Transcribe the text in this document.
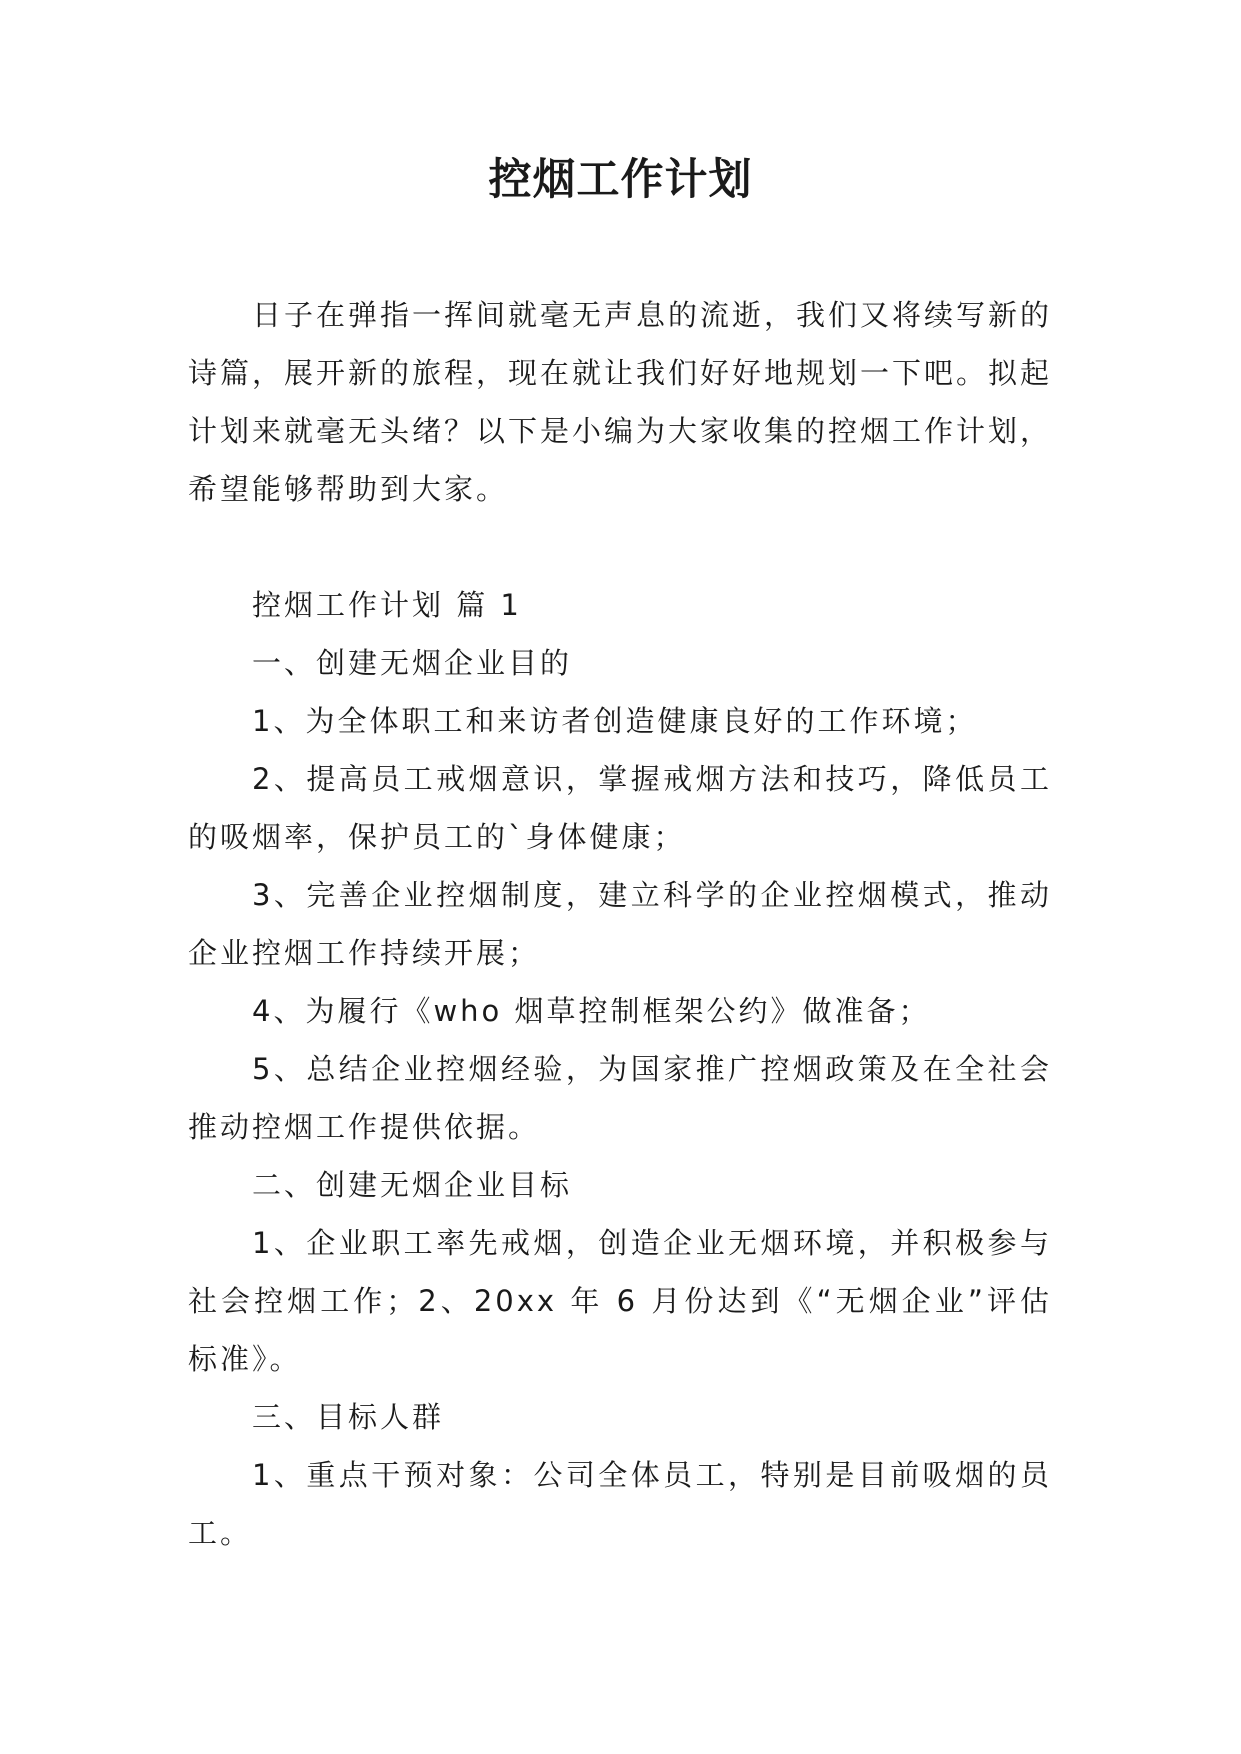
控烟工作计划

日子在弹指一挥间就毫无声息的流逝，我们又将续写新的诗篇，展开新的旅程，现在就让我们好好地规划一下吧。拟起计划来就毫无头绪？以下是小编为大家收集的控烟工作计划，希望能够帮助到大家。

控烟工作计划 篇 1

一、创建无烟企业目的

1、为全体职工和来访者创造健康良好的工作环境；

2、提高员工戒烟意识，掌握戒烟方法和技巧，降低员工的吸烟率，保护员工的`身体健康；

3、完善企业控烟制度，建立科学的企业控烟模式，推动企业控烟工作持续开展；

4、为履行《who 烟草控制框架公约》做准备；

5、总结企业控烟经验，为国家推广控烟政策及在全社会推动控烟工作提供依据。

二、创建无烟企业目标

1、企业职工率先戒烟，创造企业无烟环境，并积极参与社会控烟工作；2、20xx 年 6 月份达到《“无烟企业”评估标准》。

三、目标人群

1、重点干预对象：公司全体员工，特别是目前吸烟的员工。
